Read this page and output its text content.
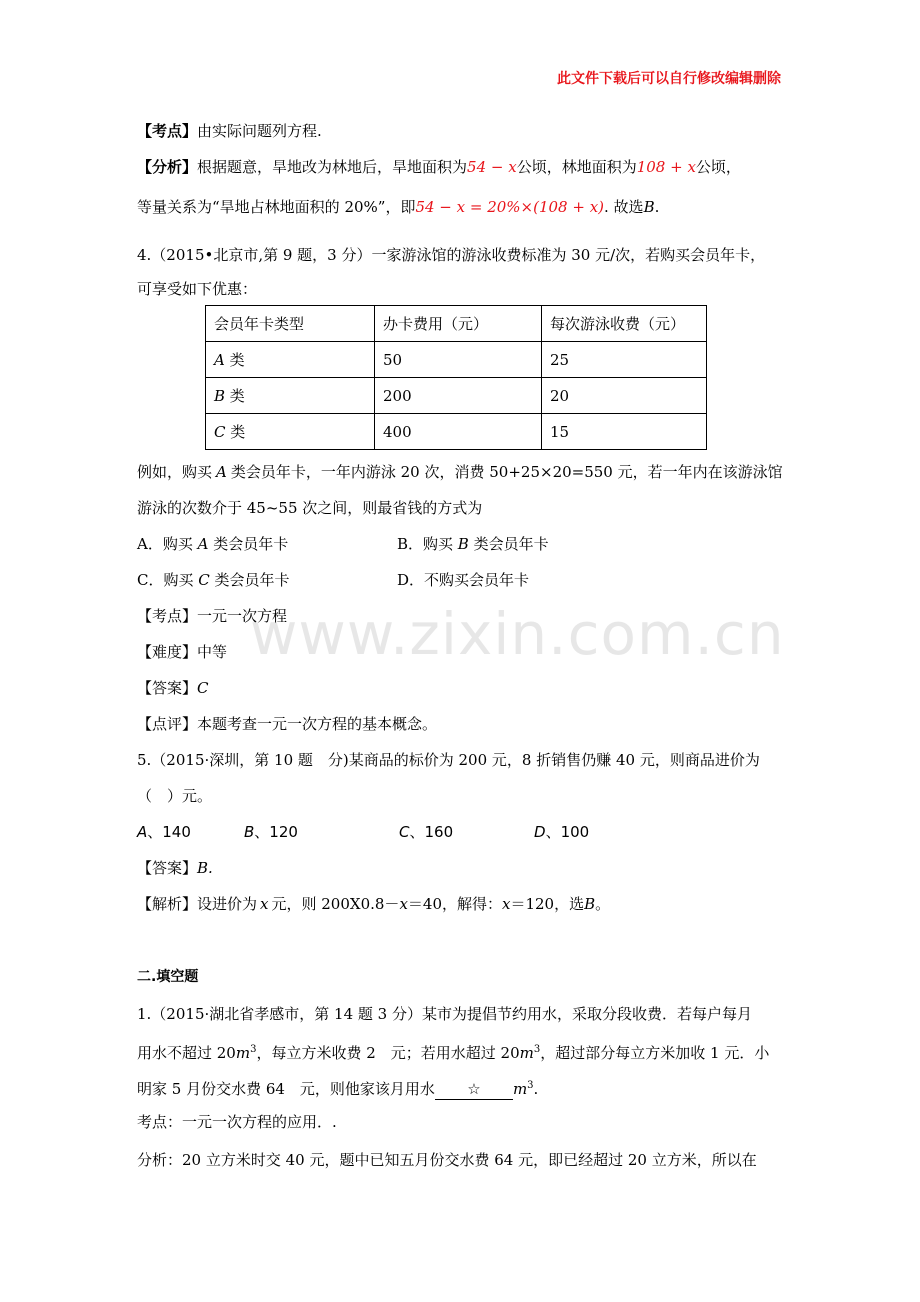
此文件下载后可以自行修改编辑删除
www.zixin.com.cn
【考点】由实际问题列方程.
【分析】根据题意，旱地改为林地后，旱地面积为54 − x公顷，林地面积为108 + x公顷，
等量关系为“旱地占林地面积的 20%”，即54 − x = 20%×(108 + x). 故选B.
4.（2015•北京市,第 9 题，3 分）一家游泳馆的游泳收费标准为 30 元/次，若购买会员年卡，
可享受如下优惠：
会员年卡类型	办卡费用（元）	每次游泳收费（元）
A 类	50	25
B 类	200	20
C 类	400	15
例如，购买 A 类会员年卡，一年内游泳 20 次，消费 50+25×20=550 元，若一年内在该游泳馆
游泳的次数介于 45~55 次之间，则最省钱的方式为
A．购买 A 类会员年卡	B．购买 B 类会员年卡
C．购买 C 类会员年卡	D．不购买会员年卡
【考点】一元一次方程
【难度】中等
【答案】C
【点评】本题考查一元一次方程的基本概念。
5.（2015·深圳，第 10 题　分)某商品的标价为 200 元，8 折销售仍赚 40 元，则商品进价为
（　）元。
A、140	B、120	C、160	D、100
【答案】B.
【解析】设进价为 x 元，则 200X0.8－x＝40，解得：x＝120，选B。
二.填空题
1.（2015·湖北省孝感市，第 14 题 3 分）某市为提倡节约用水，采取分段收费．若每户每月
用水不超过 $20m^3$，每立方米收费 2　元；若用水超过 $20m^3$，超过部分每立方米加收 1 元．小
明家 5 月份交水费 64　元，则他家该月用水 ☆ $m^3$.
考点：一元一次方程的应用．.
分析：20 立方米时交 40 元，题中已知五月份交水费 64 元，即已经超过 20 立方米，所以在
